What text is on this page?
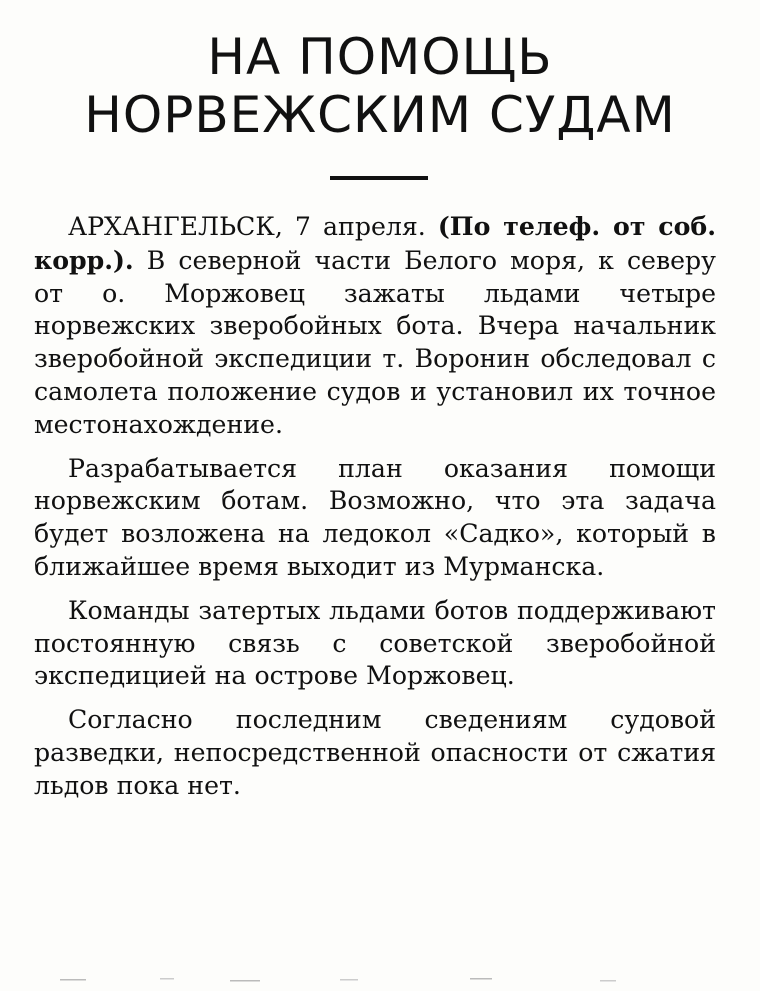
НА ПОМОЩЬ
НОРВЕЖСКИМ СУДАМ

АРХАНГЕЛЬСК, 7 апреля. (По телеф. от соб. корр.). В северной части Белого моря, к северу от о. Моржовец зажаты льдами четыре норвежских зверобойных бота. Вчера начальник зверобойной экспедиции т. Воронин обследовал с самолета положение судов и установил их точное местонахождение.

Разрабатывается план оказания помощи норвежским ботам. Возможно, что эта задача будет возложена на ледокол «Садко», который в ближайшее время выходит из Мурманска.

Команды затертых льдами ботов поддерживают постоянную связь с советской зверобойной экспедицией на острове Моржовец.

Согласно последним сведениям судовой разведки, непосредственной опасности от сжатия льдов пока нет.
